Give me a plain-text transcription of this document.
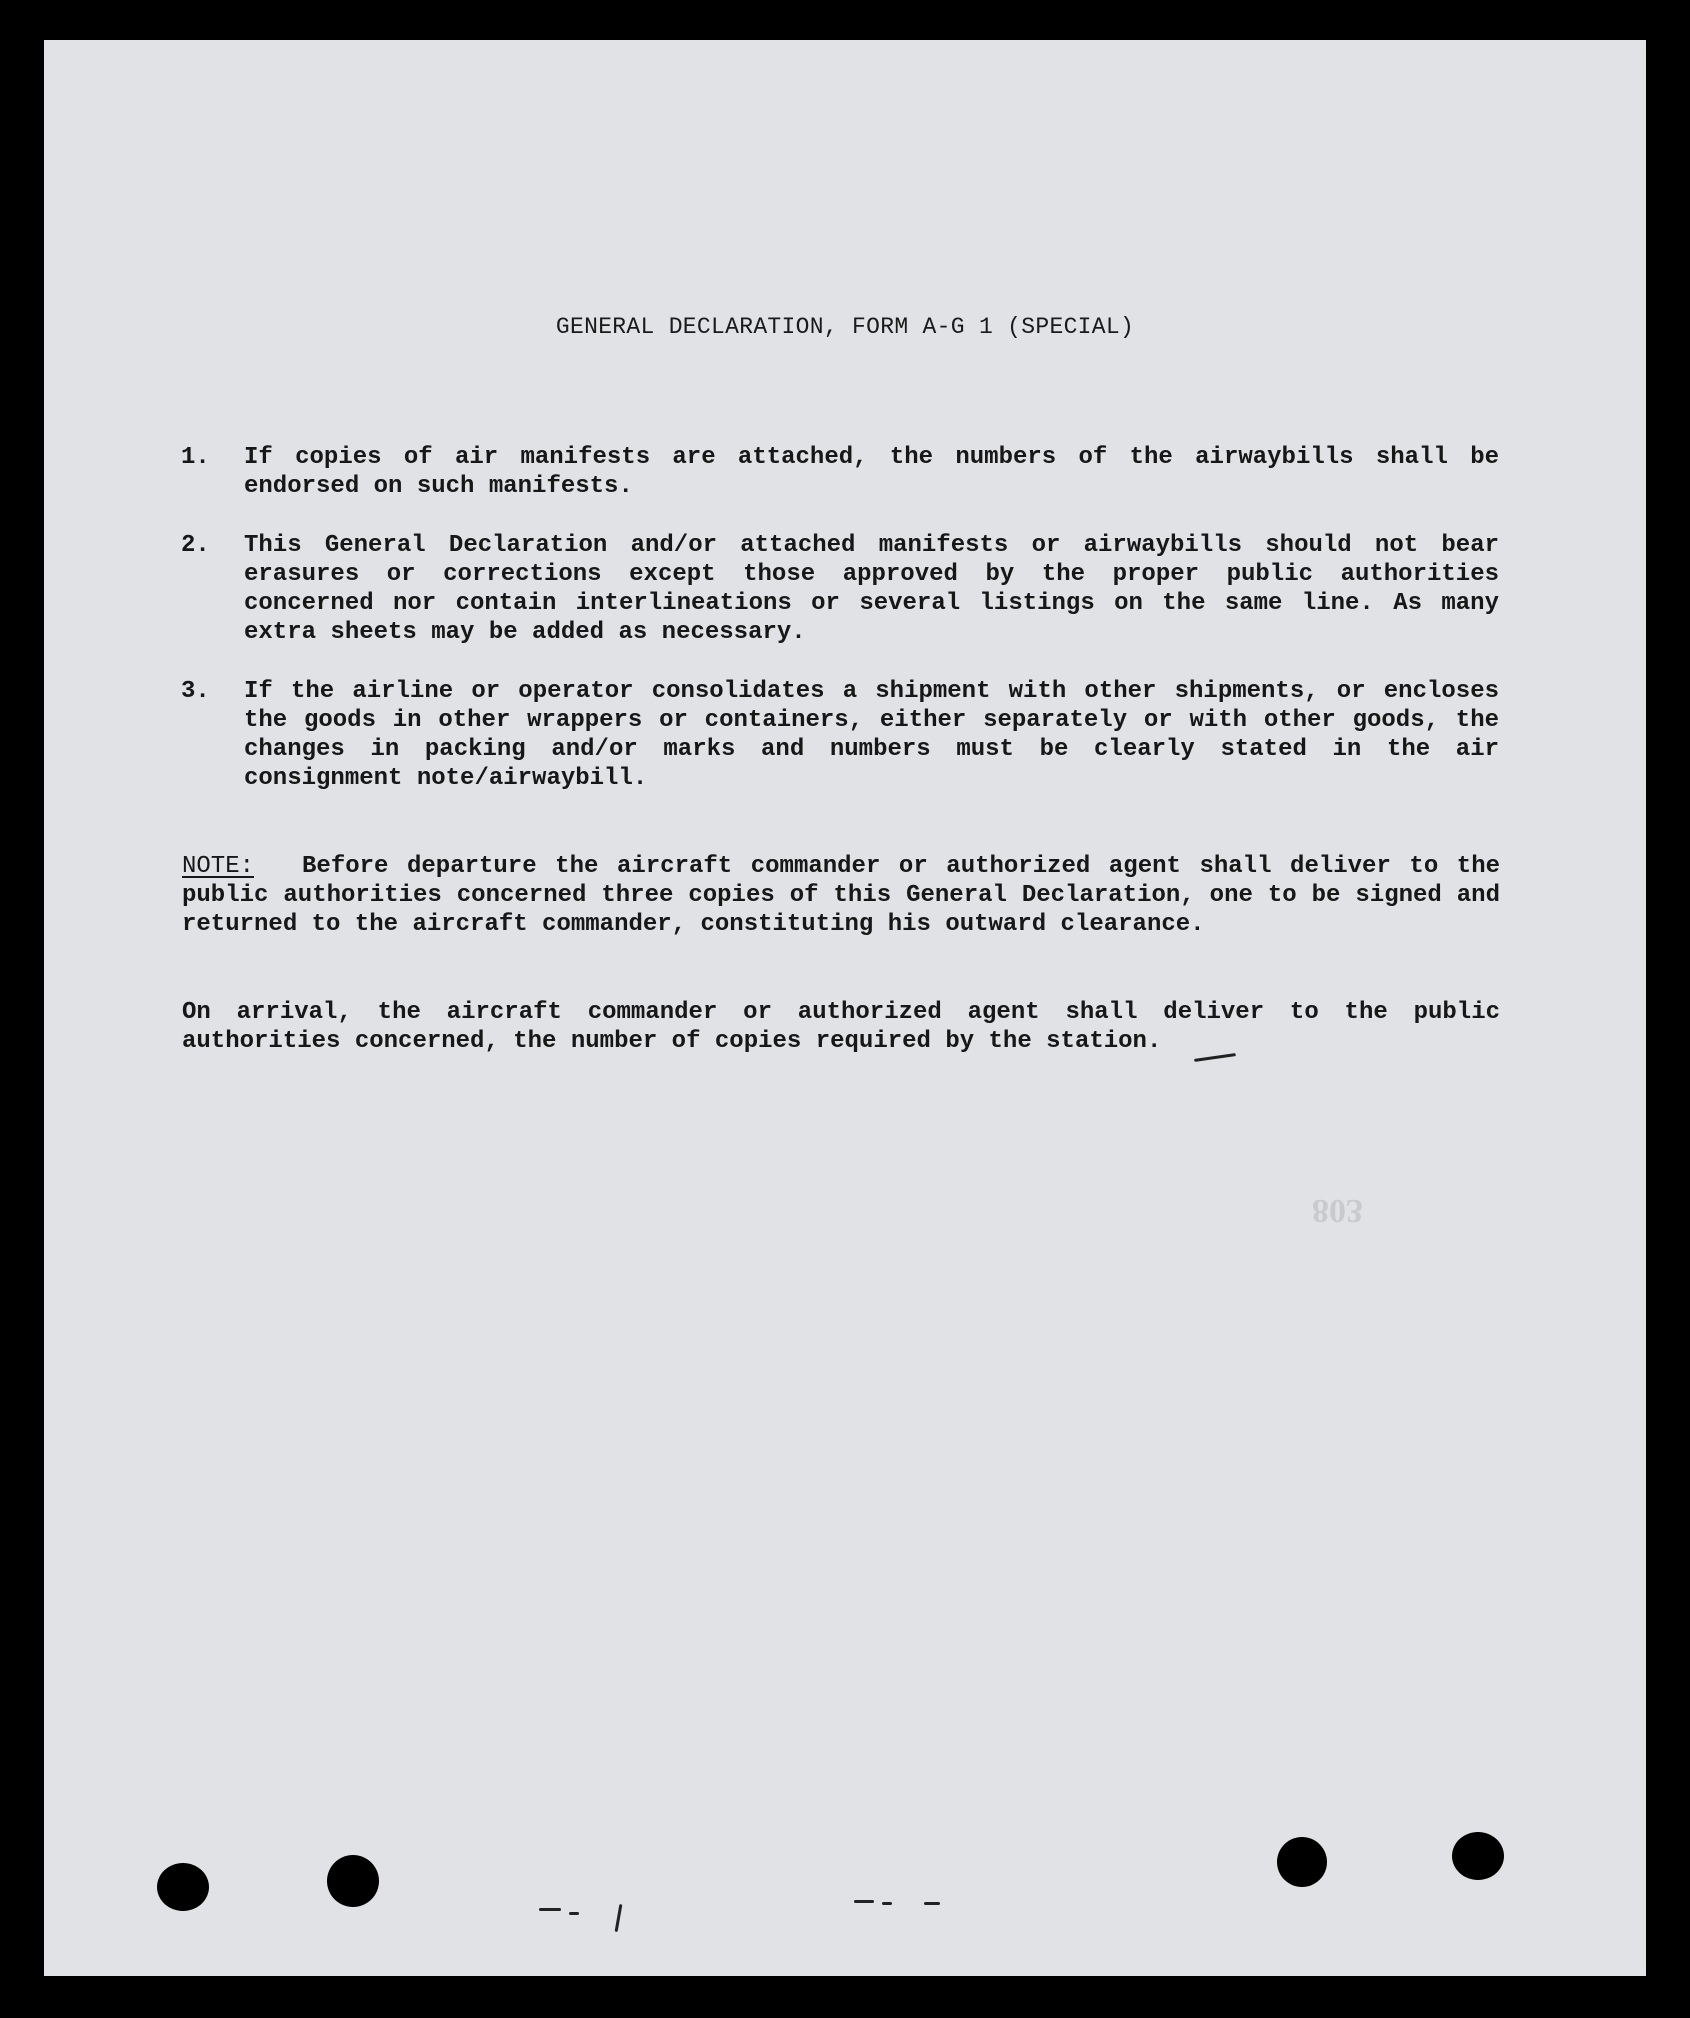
GENERAL DECLARATION, FORM A-G 1 (SPECIAL)
1. If copies of air manifests are attached, the numbers of the airwaybills shall be endorsed on such manifests.
2. This General Declaration and/or attached manifests or airwaybills should not bear erasures or corrections except those approved by the proper public authorities concerned nor contain interlineations or several listings on the same line. As many extra sheets may be added as necessary.
3. If the airline or operator consolidates a shipment with other shipments, or encloses the goods in other wrappers or containers, either separately or with other goods, the changes in packing and/or marks and numbers must be clearly stated in the air consignment note/airwaybill.
NOTE: Before departure the aircraft commander or authorized agent shall deliver to the public authorities concerned three copies of this General Declaration, one to be signed and returned to the aircraft commander, constituting his outward clearance.
On arrival, the aircraft commander or authorized agent shall deliver to the public authorities concerned, the number of copies required by the station.
803
